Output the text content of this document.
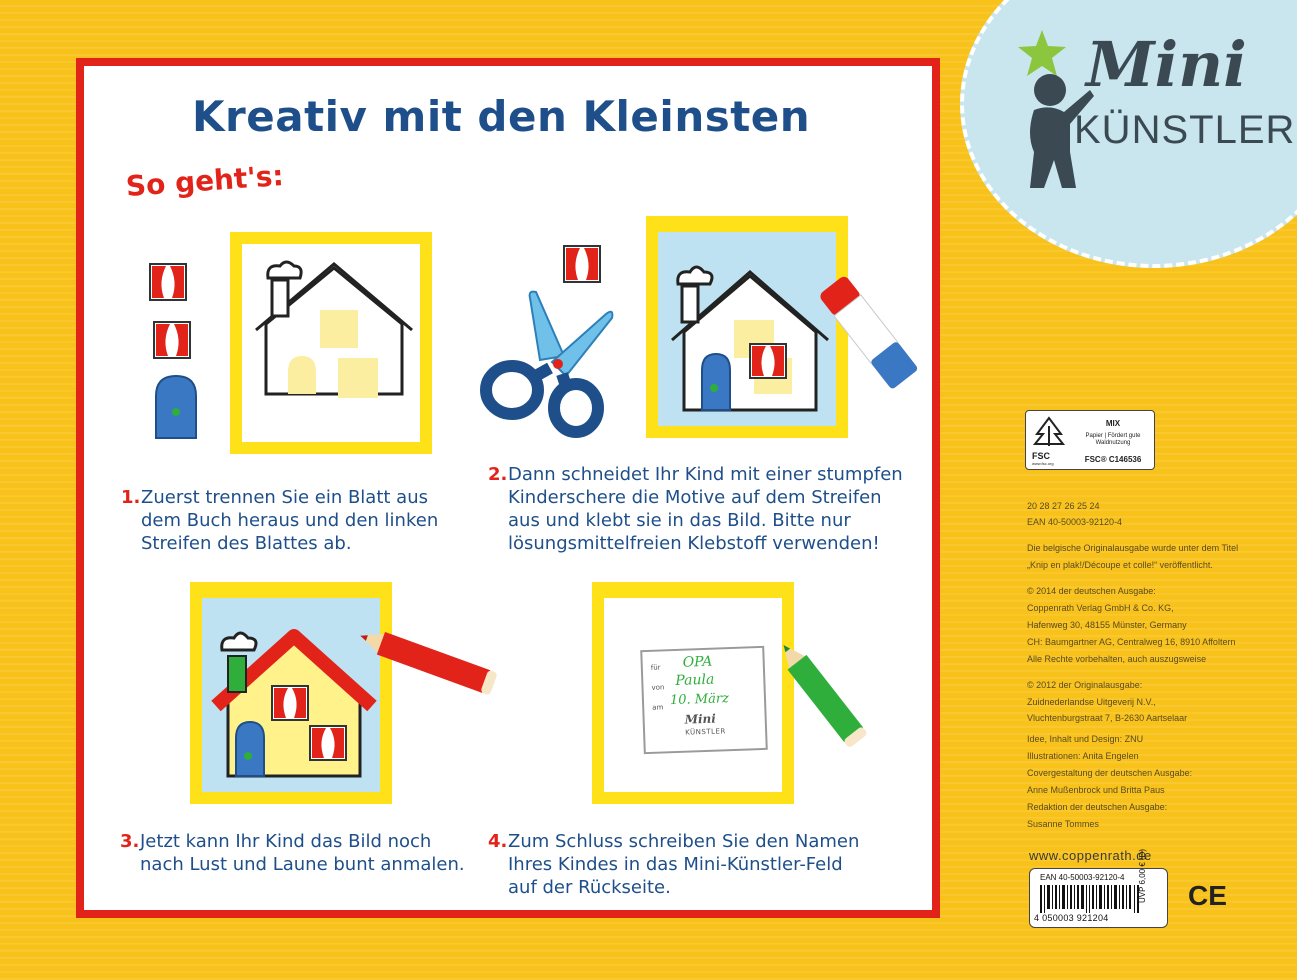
Kreativ mit den Kleinsten
So geht's:
für OPA
von Paula
am 10. März
Mini
KÜNSTLER
1. Zuerst trennen Sie ein Blatt aus
dem Buch heraus und den linken
Streifen des Blattes ab.
2. Dann schneidet Ihr Kind mit einer stumpfen
Kinderschere die Motive auf dem Streifen
aus und klebt sie in das Bild. Bitte nur
lösungsmittelfreien Klebstoff verwenden!
3. Jetzt kann Ihr Kind das Bild noch
nach Lust und Laune bunt anmalen.
4. Zum Schluss schreiben Sie den Namen
Ihres Kindes in das Mini-Künstler-Feld
auf der Rückseite.
Mini
KÜNSTLER
FSC
www.fsc.org
MIX
Papier | Fördert gute Waldnutzung
FSC® C146536
20 28 27 26 25 24
EAN 40-50003-92120-4
Die belgische Originalausgabe wurde unter dem Titel
„Knip en plak!/Découpe et colle!“ veröffentlicht.
© 2014 der deutschen Ausgabe:
Coppenrath Verlag GmbH & Co. KG,
Hafenweg 30, 48155 Münster, Germany
CH: Baumgartner AG, Centralweg 16, 8910 Affoltern
Alle Rechte vorbehalten, auch auszugsweise
© 2012 der Originalausgabe:
Zuidnederlandse Uitgeverij N.V.,
Vluchtenburgstraat 7, B-2630 Aartselaar
Idee, Inhalt und Design: ZNU
Illustrationen: Anita Engelen
Covergestaltung der deutschen Ausgabe:
Anne Mußenbrock und Britta Paus
Redaktion der deutschen Ausgabe:
Susanne Tommes
www.coppenrath.de
EAN 40-50003-92120-4
4 050003 921204
UVP 6,00 € (D) CE
